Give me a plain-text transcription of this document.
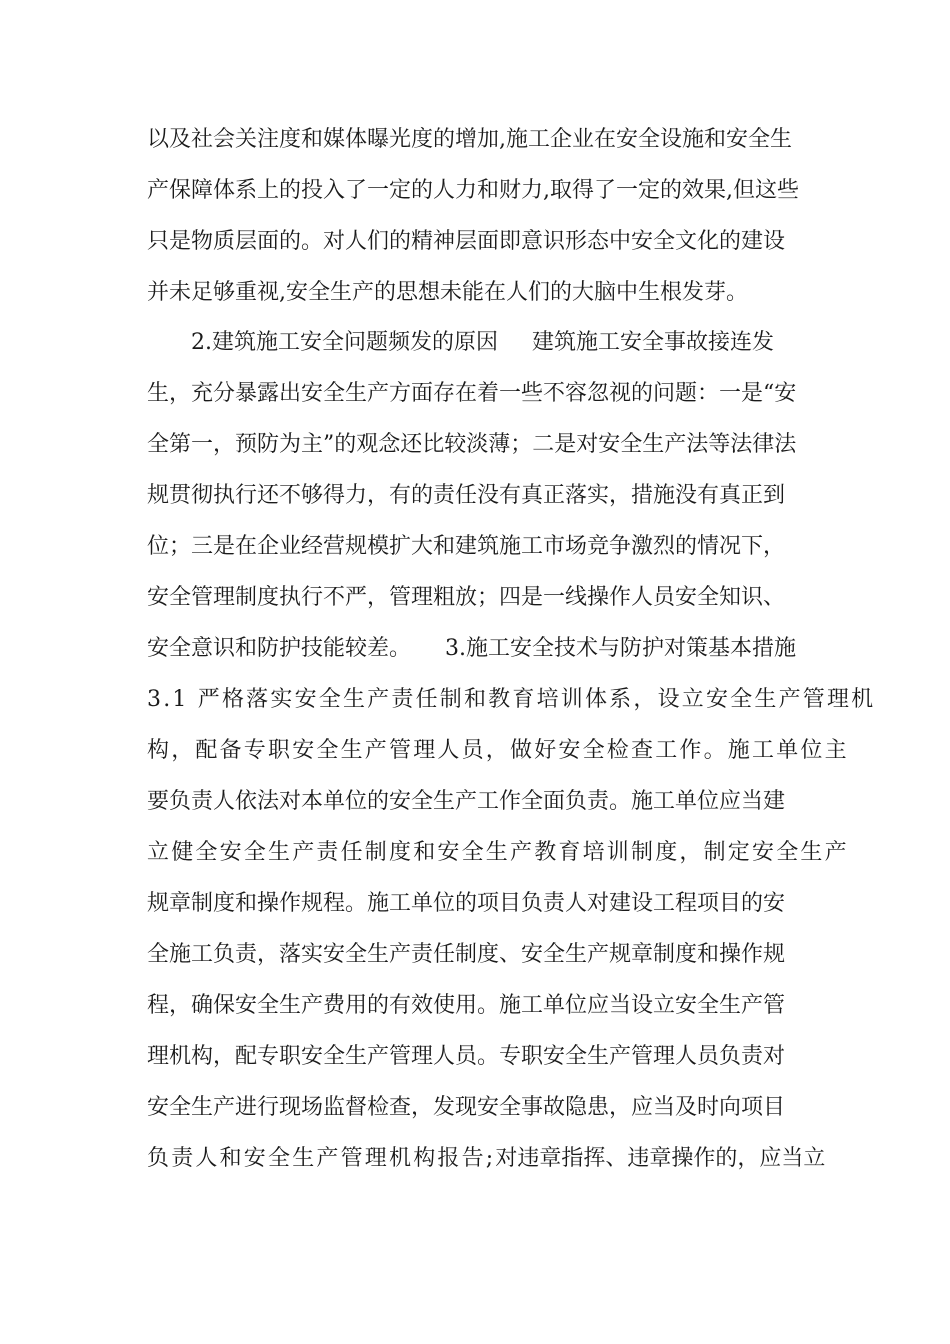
以及社会关注度和媒体曝光度的增加,施工企业在安全设施和安全生

产保障体系上的投入了一定的人力和财力,取得了一定的效果,但这些

只是物质层面的。对人们的精神层面即意识形态中安全文化的建设

并未足够重视,安全生产的思想未能在人们的大脑中生根发芽。

2.建筑施工安全问题频发的原因 建筑施工安全事故接连发

生，充分暴露出安全生产方面存在着一些不容忽视的问题：一是“安

全第一，预防为主”的观念还比较淡薄；二是对安全生产法等法律法

规贯彻执行还不够得力，有的责任没有真正落实，措施没有真正到

位；三是在企业经营规模扩大和建筑施工市场竞争激烈的情况下，

安全管理制度执行不严，管理粗放；四是一线操作人员安全知识、

安全意识和防护技能较差。 3.施工安全技术与防护对策基本措施

3.1 严格落实安全生产责任制和教育培训体系，设立安全生产管理机

构，配备专职安全生产管理人员，做好安全检查工作。施工单位主

要负责人依法对本单位的安全生产工作全面负责。施工单位应当建

立健全安全生产责任制度和安全生产教育培训制度，制定安全生产

规章制度和操作规程。施工单位的项目负责人对建设工程项目的安

全施工负责，落实安全生产责任制度、安全生产规章制度和操作规

程，确保安全生产费用的有效使用。施工单位应当设立安全生产管

理机构，配专职安全生产管理人员。专职安全生产管理人员负责对

安全生产进行现场监督检查，发现安全事故隐患，应当及时向项目

负责人和安全生产管理机构报告;对违章指挥、违章操作的，应当立
